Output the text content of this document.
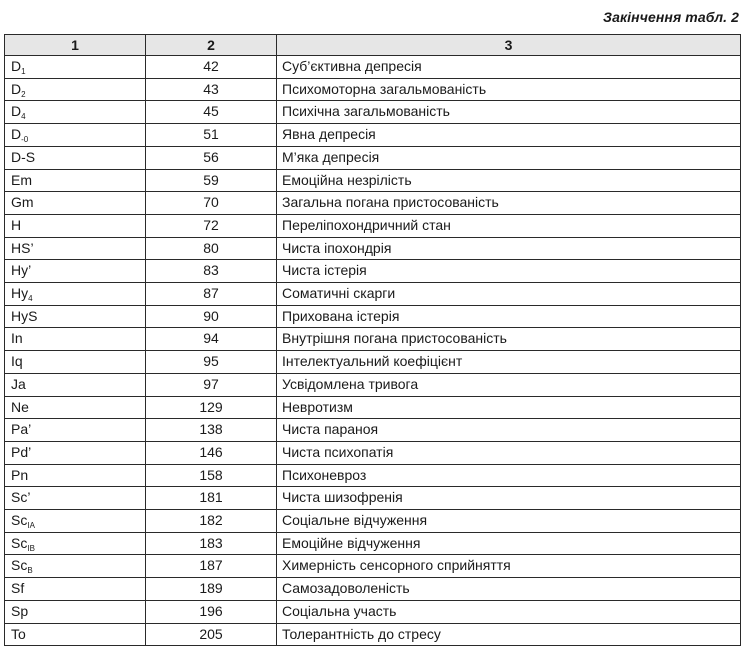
Закінчення табл. 2
1	2	3
$D_1$	42	Суб’єктивна депресія
$D_2$	43	Психомоторна загальмованість
$D_4$	45	Психічна загальмованість
$D_{-0}$	51	Явна депресія
D-S	56	М’яка депресія
Em	59	Емоційна незрілість
Gm	70	Загальна погана пристосованість
H	72	Переліпохондричний стан
HS’	80	Чиста іпохондрія
Hy’	83	Чиста істерія
$Hy_4$	87	Соматичні скарги
HyS	90	Прихована істерія
In	94	Внутрішня погана пристосованість
Iq	95	Інтелектуальний коефіцієнт
Ja	97	Усвідомлена тривога
Ne	129	Невротизм
Pa’	138	Чиста параноя
Pd’	146	Чиста психопатія
Pn	158	Психоневроз
Sc’	181	Чиста шизофренія
$Sc_{IA}$	182	Соціальне відчуження
$Sc_{IB}$	183	Емоційне відчуження
$Sc_B$	187	Химерність сенсорного сприйняття
Sf	189	Самозадоволеність
Sp	196	Соціальна участь
To	205	Толерантність до стресу
